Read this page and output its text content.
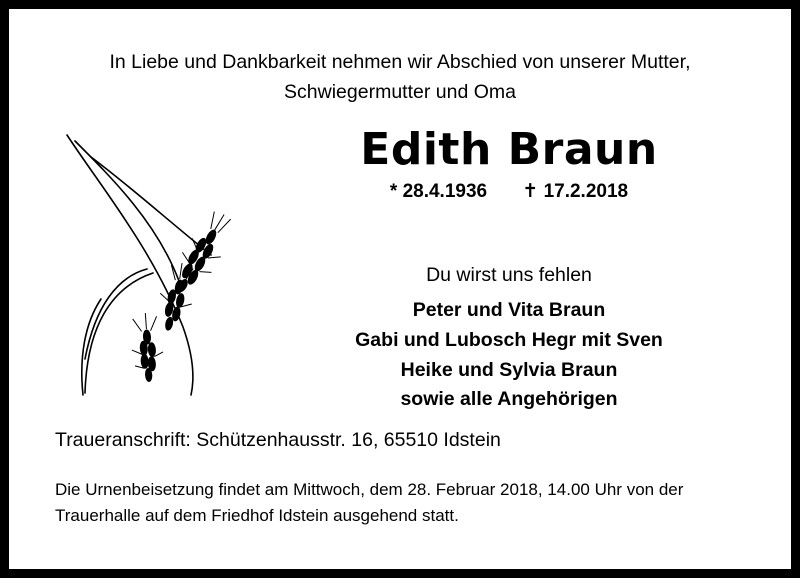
In Liebe und Dankbarkeit nehmen wir Abschied von unserer Mutter,
Schwiegermutter und Oma
Edith Braun
* 28.4.1936 ✝ 17.2.2018
Du wirst uns fehlen
Peter und Vita Braun
Gabi und Lubosch Hegr mit Sven
Heike und Sylvia Braun
sowie alle Angehörigen
Traueranschrift: Schützenhausstr. 16, 65510 Idstein
Die Urnenbeisetzung findet am Mittwoch, dem 28. Februar 2018, 14.00 Uhr von der
Trauerhalle auf dem Friedhof Idstein ausgehend statt.
